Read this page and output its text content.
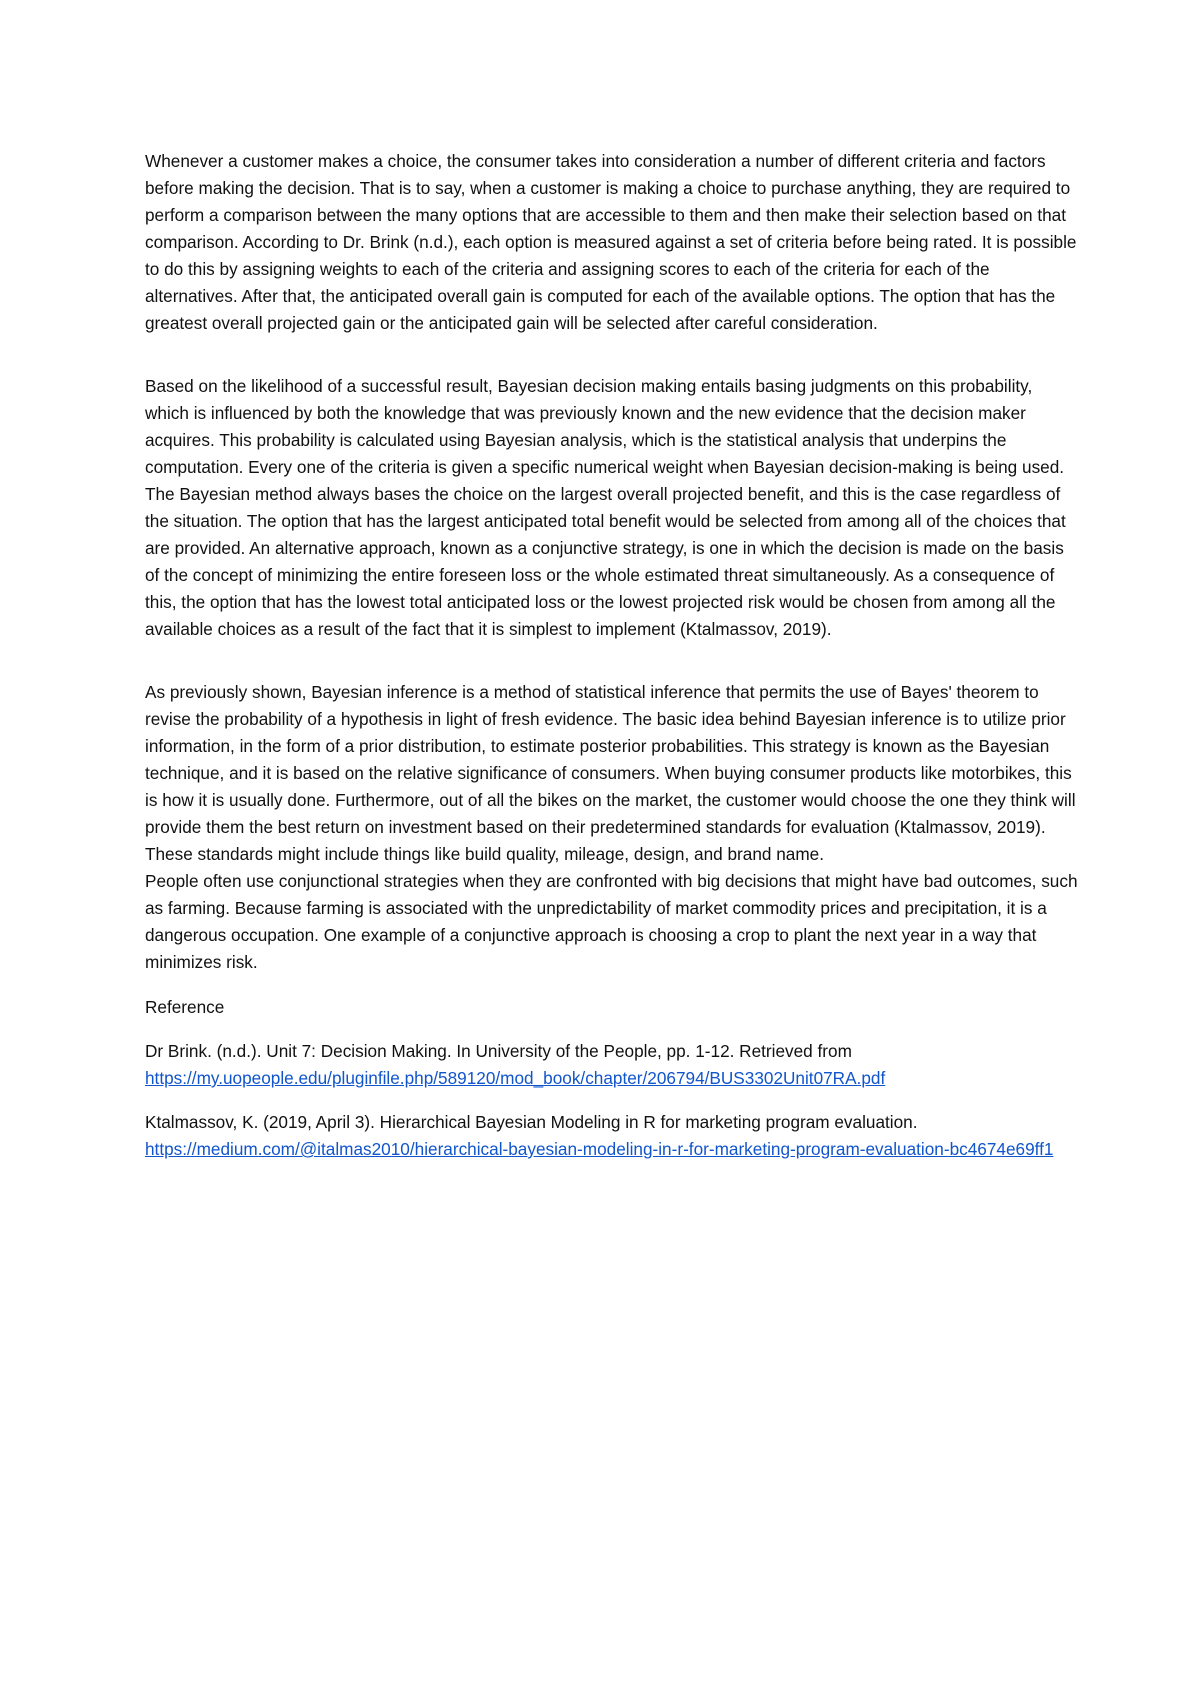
Whenever a customer makes a choice, the consumer takes into consideration a number of different criteria and factors before making the decision. That is to say, when a customer is making a choice to purchase anything, they are required to perform a comparison between the many options that are accessible to them and then make their selection based on that comparison. According to Dr. Brink (n.d.), each option is measured against a set of criteria before being rated. It is possible to do this by assigning weights to each of the criteria and assigning scores to each of the criteria for each of the alternatives. After that, the anticipated overall gain is computed for each of the available options. The option that has the greatest overall projected gain or the anticipated gain will be selected after careful consideration.

Based on the likelihood of a successful result, Bayesian decision making entails basing judgments on this probability, which is influenced by both the knowledge that was previously known and the new evidence that the decision maker acquires. This probability is calculated using Bayesian analysis, which is the statistical analysis that underpins the computation. Every one of the criteria is given a specific numerical weight when Bayesian decision-making is being used. The Bayesian method always bases the choice on the largest overall projected benefit, and this is the case regardless of the situation. The option that has the largest anticipated total benefit would be selected from among all of the choices that are provided. An alternative approach, known as a conjunctive strategy, is one in which the decision is made on the basis of the concept of minimizing the entire foreseen loss or the whole estimated threat simultaneously. As a consequence of this, the option that has the lowest total anticipated loss or the lowest projected risk would be chosen from among all the available choices as a result of the fact that it is simplest to implement (Ktalmassov, 2019).

As previously shown, Bayesian inference is a method of statistical inference that permits the use of Bayes' theorem to revise the probability of a hypothesis in light of fresh evidence. The basic idea behind Bayesian inference is to utilize prior information, in the form of a prior distribution, to estimate posterior probabilities. This strategy is known as the Bayesian technique, and it is based on the relative significance of consumers. When buying consumer products like motorbikes, this is how it is usually done. Furthermore, out of all the bikes on the market, the customer would choose the one they think will provide them the best return on investment based on their predetermined standards for evaluation (Ktalmassov, 2019). These standards might include things like build quality, mileage, design, and brand name.

People often use conjunctional strategies when they are confronted with big decisions that might have bad outcomes, such as farming. Because farming is associated with the unpredictability of market commodity prices and precipitation, it is a dangerous occupation. One example of a conjunctive approach is choosing a crop to plant the next year in a way that minimizes risk.

Reference

Dr Brink. (n.d.). Unit 7: Decision Making. In University of the People, pp. 1-12. Retrieved from
https://my.uopeople.edu/pluginfile.php/589120/mod_book/chapter/206794/BUS3302Unit07RA.pdf
Ktalmassov, K. (2019, April 3). Hierarchical Bayesian Modeling in R for marketing program evaluation.
https://medium.com/@italmas2010/hierarchical-bayesian-modeling-in-r-for-marketing-program-evaluation-bc4674e69ff1
